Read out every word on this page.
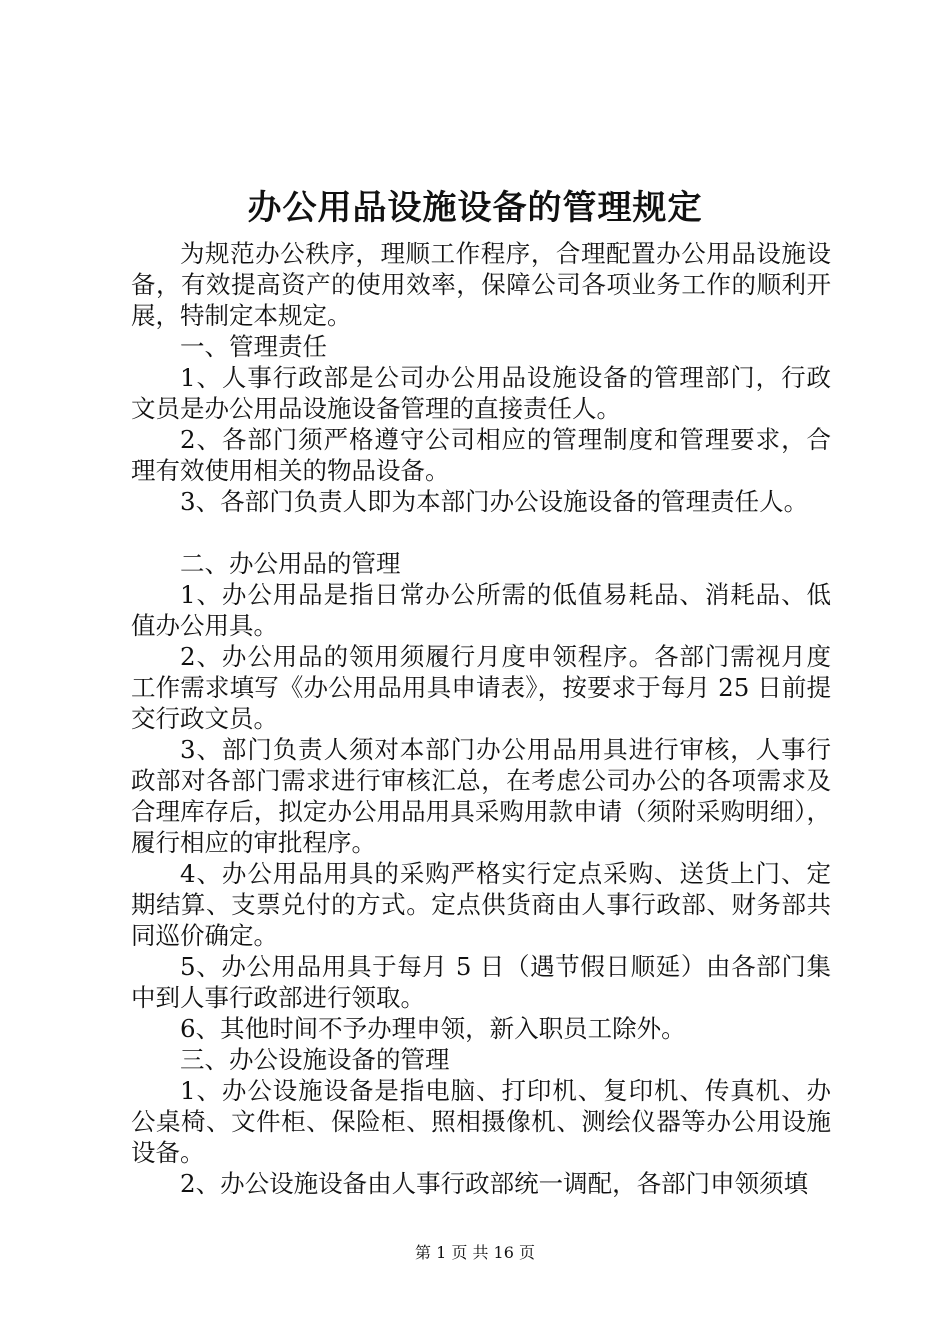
办公用品设施设备的管理规定

为规范办公秩序，理顺工作程序，合理配置办公用品设施设备，有效提高资产的使用效率，保障公司各项业务工作的顺利开展，特制定本规定。

一、管理责任

1、人事行政部是公司办公用品设施设备的管理部门，行政文员是办公用品设施设备管理的直接责任人。

2、各部门须严格遵守公司相应的管理制度和管理要求，合理有效使用相关的物品设备。

3、各部门负责人即为本部门办公设施设备的管理责任人。

二、办公用品的管理

1、办公用品是指日常办公所需的低值易耗品、消耗品、低值办公用具。

2、办公用品的领用须履行月度申领程序。各部门需视月度工作需求填写《办公用品用具申请表》，按要求于每月 25 日前提交行政文员。

3、部门负责人须对本部门办公用品用具进行审核，人事行政部对各部门需求进行审核汇总，在考虑公司办公的各项需求及合理库存后，拟定办公用品用具采购用款申请（须附采购明细），履行相应的审批程序。

4、办公用品用具的采购严格实行定点采购、送货上门、定期结算、支票兑付的方式。定点供货商由人事行政部、财务部共同巡价确定。

5、办公用品用具于每月 5 日（遇节假日顺延）由各部门集中到人事行政部进行领取。

6、其他时间不予办理申领，新入职员工除外。

三、办公设施设备的管理

1、办公设施设备是指电脑、打印机、复印机、传真机、办公桌椅、文件柜、保险柜、照相摄像机、测绘仪器等办公用设施设备。

2、办公设施设备由人事行政部统一调配，各部门申领须填

第 1 页 共 16 页
